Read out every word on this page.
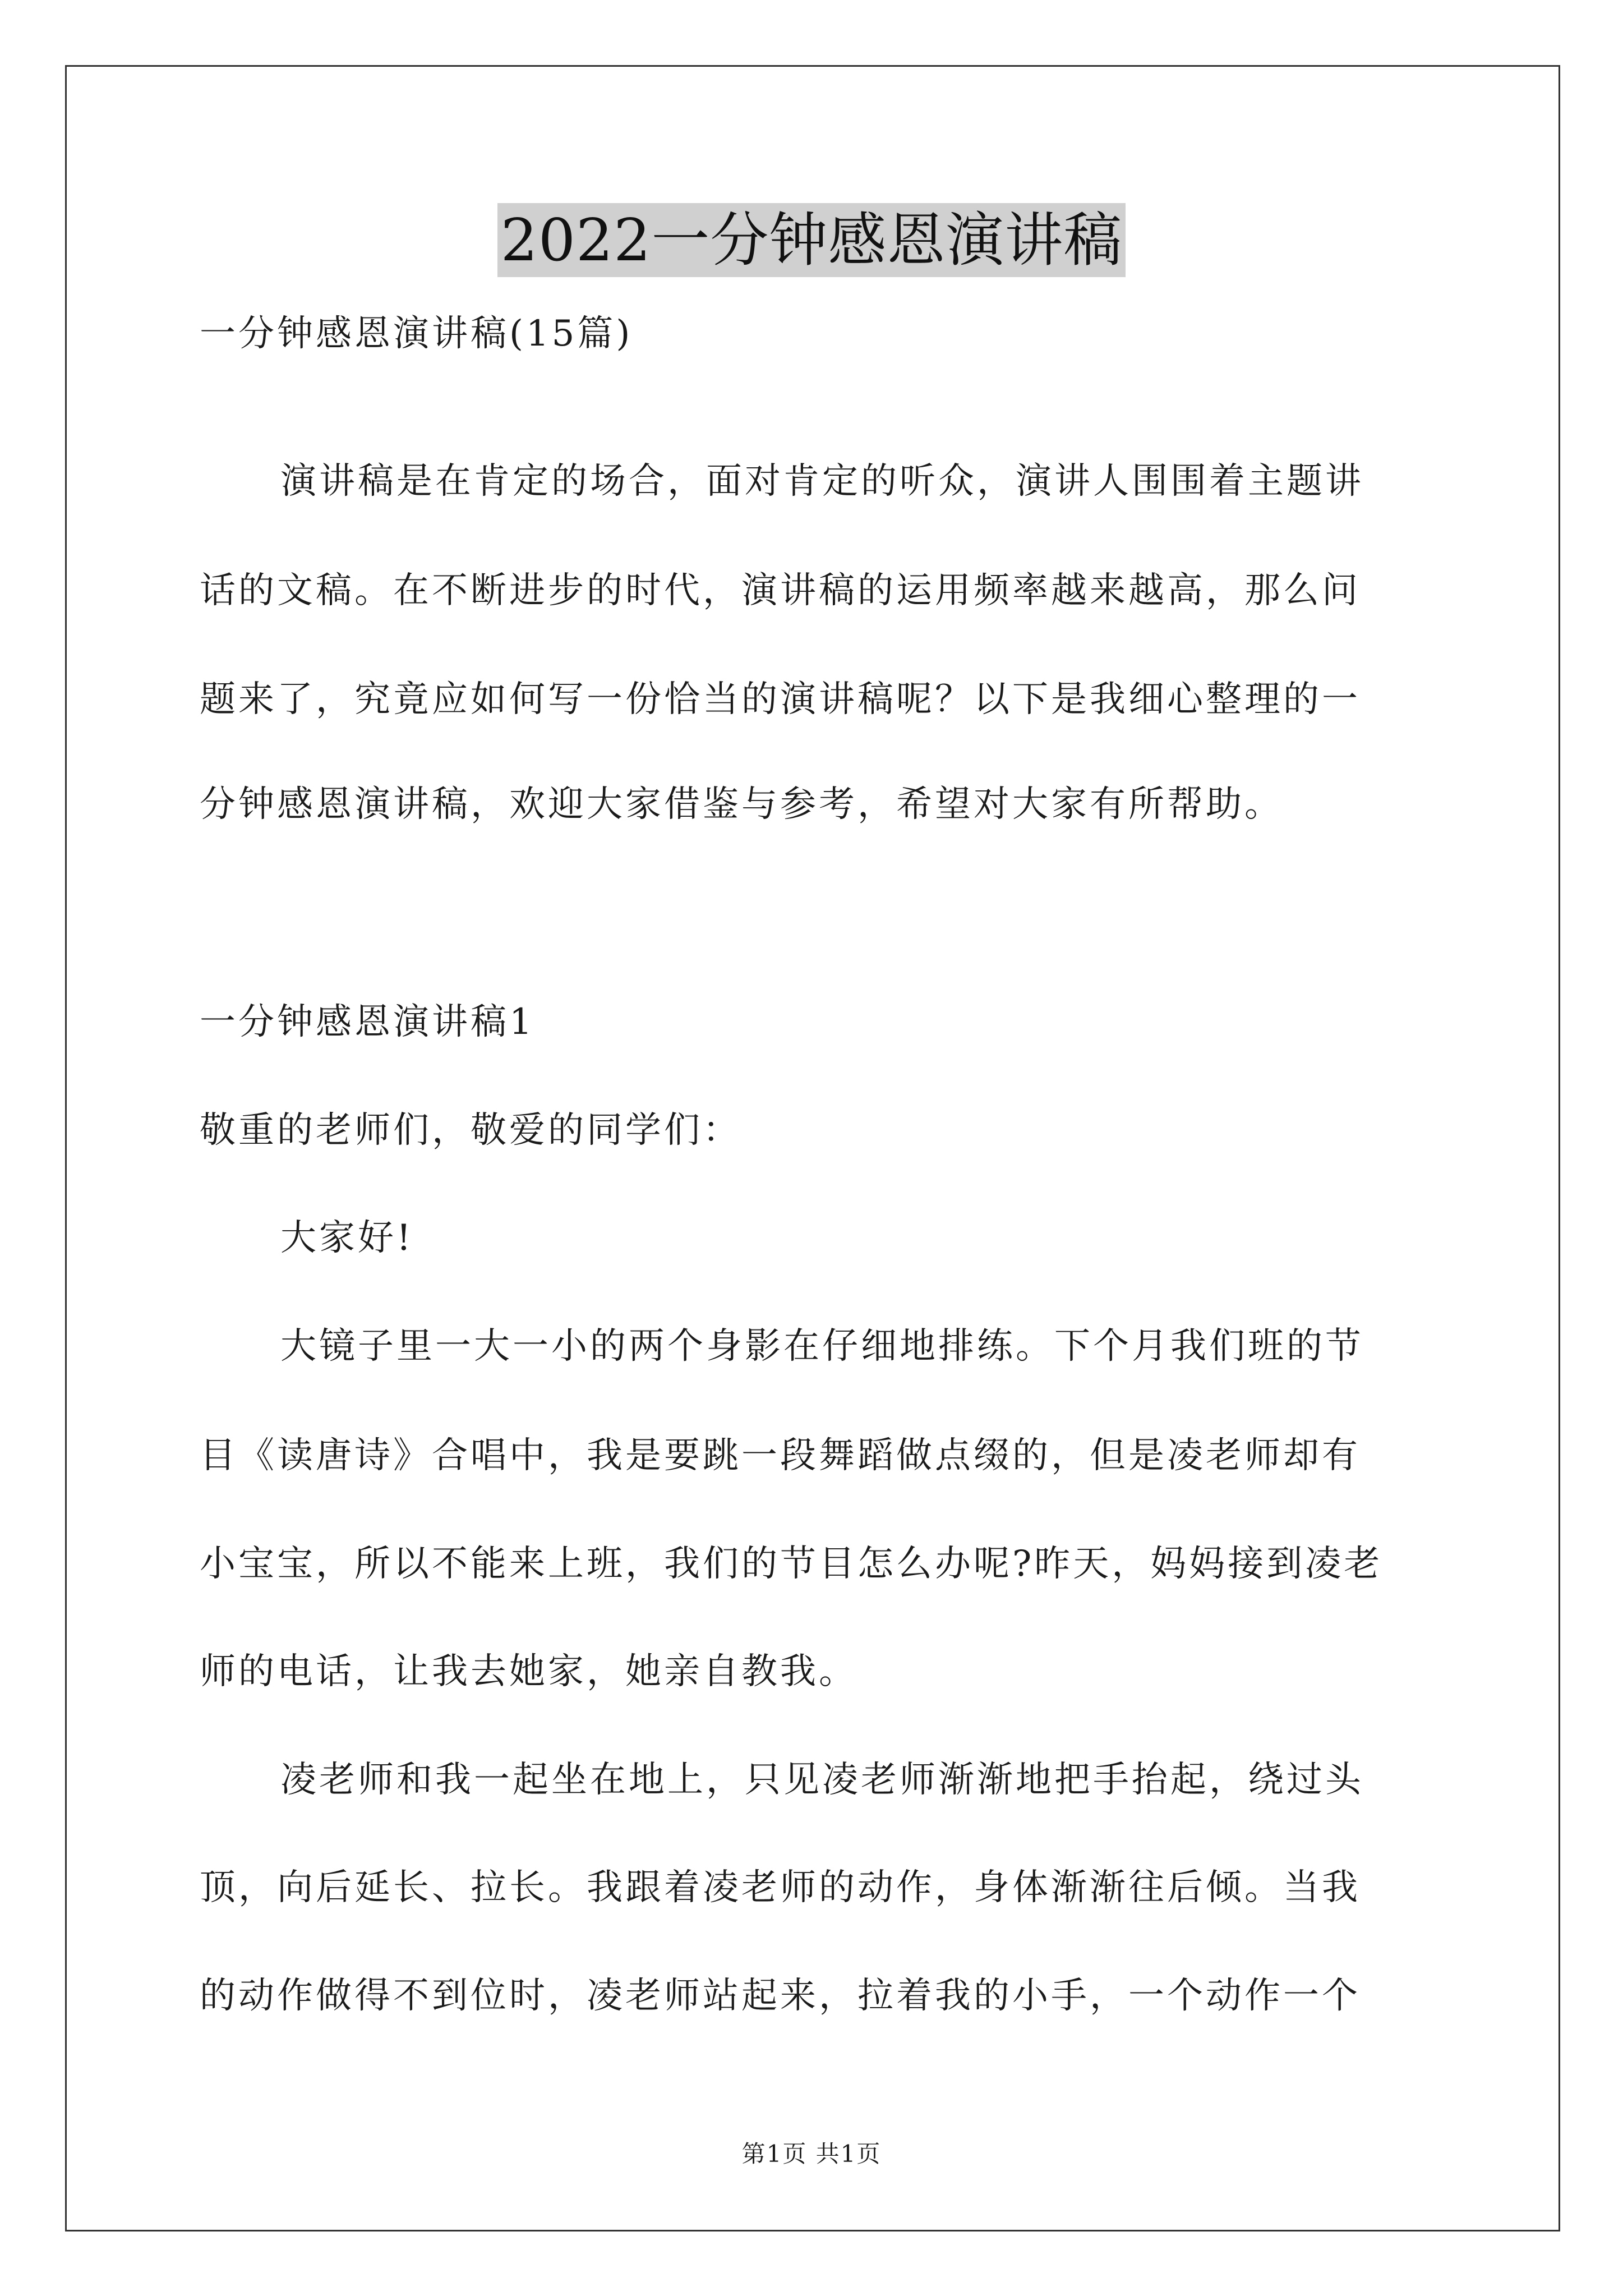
2022一分钟感恩演讲稿
一分钟感恩演讲稿(15篇)
演讲稿是在肯定的场合，面对肯定的听众，演讲人围围着主题讲
话的文稿。在不断进步的时代，演讲稿的运用频率越来越高，那么问
题来了，究竟应如何写一份恰当的演讲稿呢？以下是我细心整理的一
分钟感恩演讲稿，欢迎大家借鉴与参考，希望对大家有所帮助。
一分钟感恩演讲稿1
敬重的老师们，敬爱的同学们：
大家好!
大镜子里一大一小的两个身影在仔细地排练。下个月我们班的节
目《读唐诗》合唱中，我是要跳一段舞蹈做点缀的，但是凌老师却有
小宝宝，所以不能来上班，我们的节目怎么办呢?昨天，妈妈接到凌老
师的电话，让我去她家，她亲自教我。
凌老师和我一起坐在地上，只见凌老师渐渐地把手抬起，绕过头
顶，向后延长、拉长。我跟着凌老师的动作，身体渐渐往后倾。当我
的动作做得不到位时，凌老师站起来，拉着我的小手，一个动作一个
第1页 共1页
